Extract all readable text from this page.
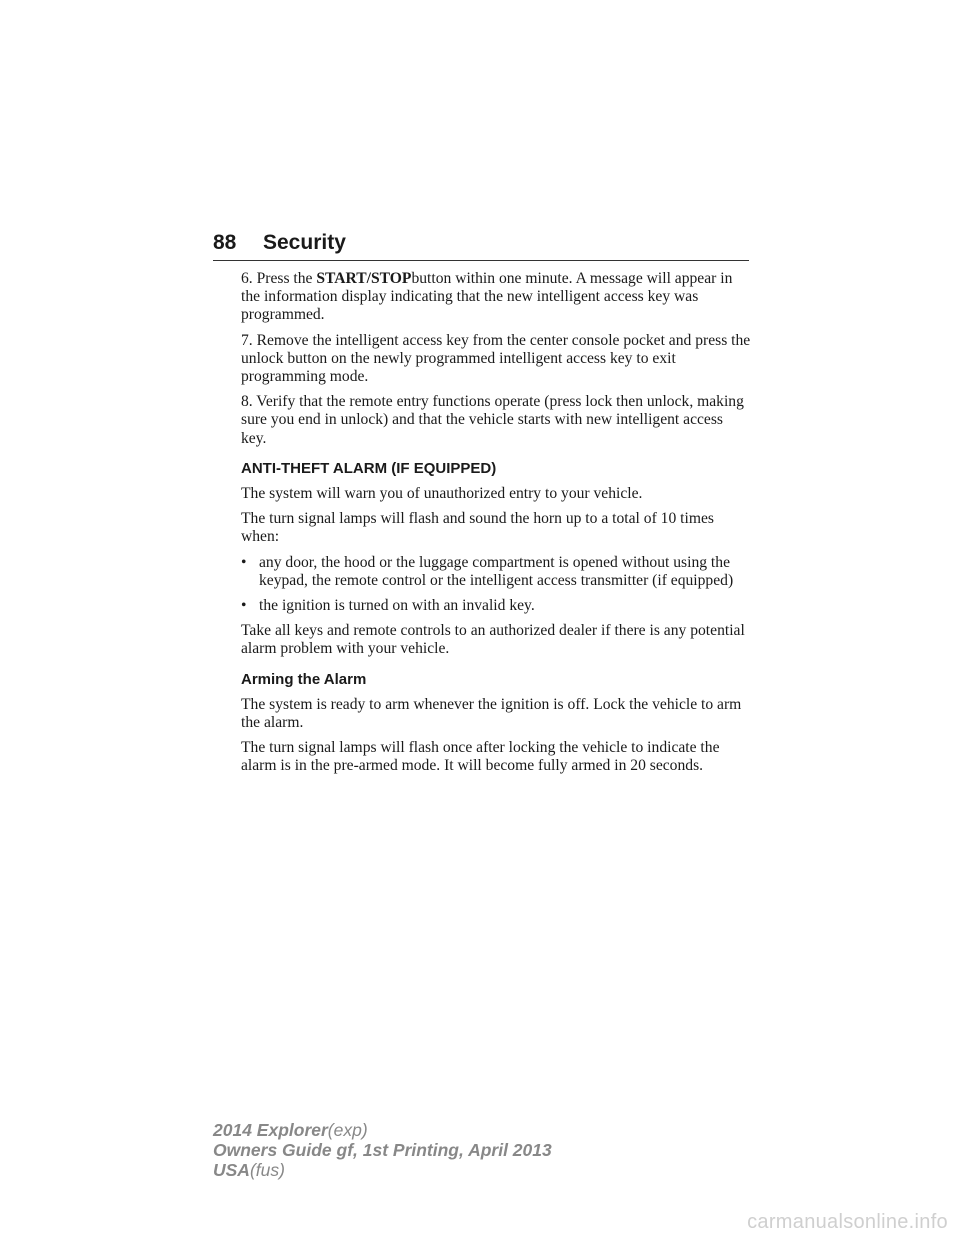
88 Security

6. Press the START/STOPbutton within one minute. A message will appear in the information display indicating that the new intelligent access key was programmed.

7. Remove the intelligent access key from the center console pocket and press the unlock button on the newly programmed intelligent access key to exit programming mode.

8. Verify that the remote entry functions operate (press lock then unlock, making sure you end in unlock) and that the vehicle starts with new intelligent access key.

ANTI-THEFT ALARM (IF EQUIPPED)

The system will warn you of unauthorized entry to your vehicle.

The turn signal lamps will flash and sound the horn up to a total of 10 times when:

• any door, the hood or the luggage compartment is opened without using the keypad, the remote control or the intelligent access transmitter (if equipped)
• the ignition is turned on with an invalid key.

Take all keys and remote controls to an authorized dealer if there is any potential alarm problem with your vehicle.

Arming the Alarm

The system is ready to arm whenever the ignition is off. Lock the vehicle to arm the alarm.

The turn signal lamps will flash once after locking the vehicle to indicate the alarm is in the pre-armed mode. It will become fully armed in 20 seconds.

2014 Explorer(exp)
Owners Guide gf, 1st Printing, April 2013
USA(fus)
carmanualsonline.info
